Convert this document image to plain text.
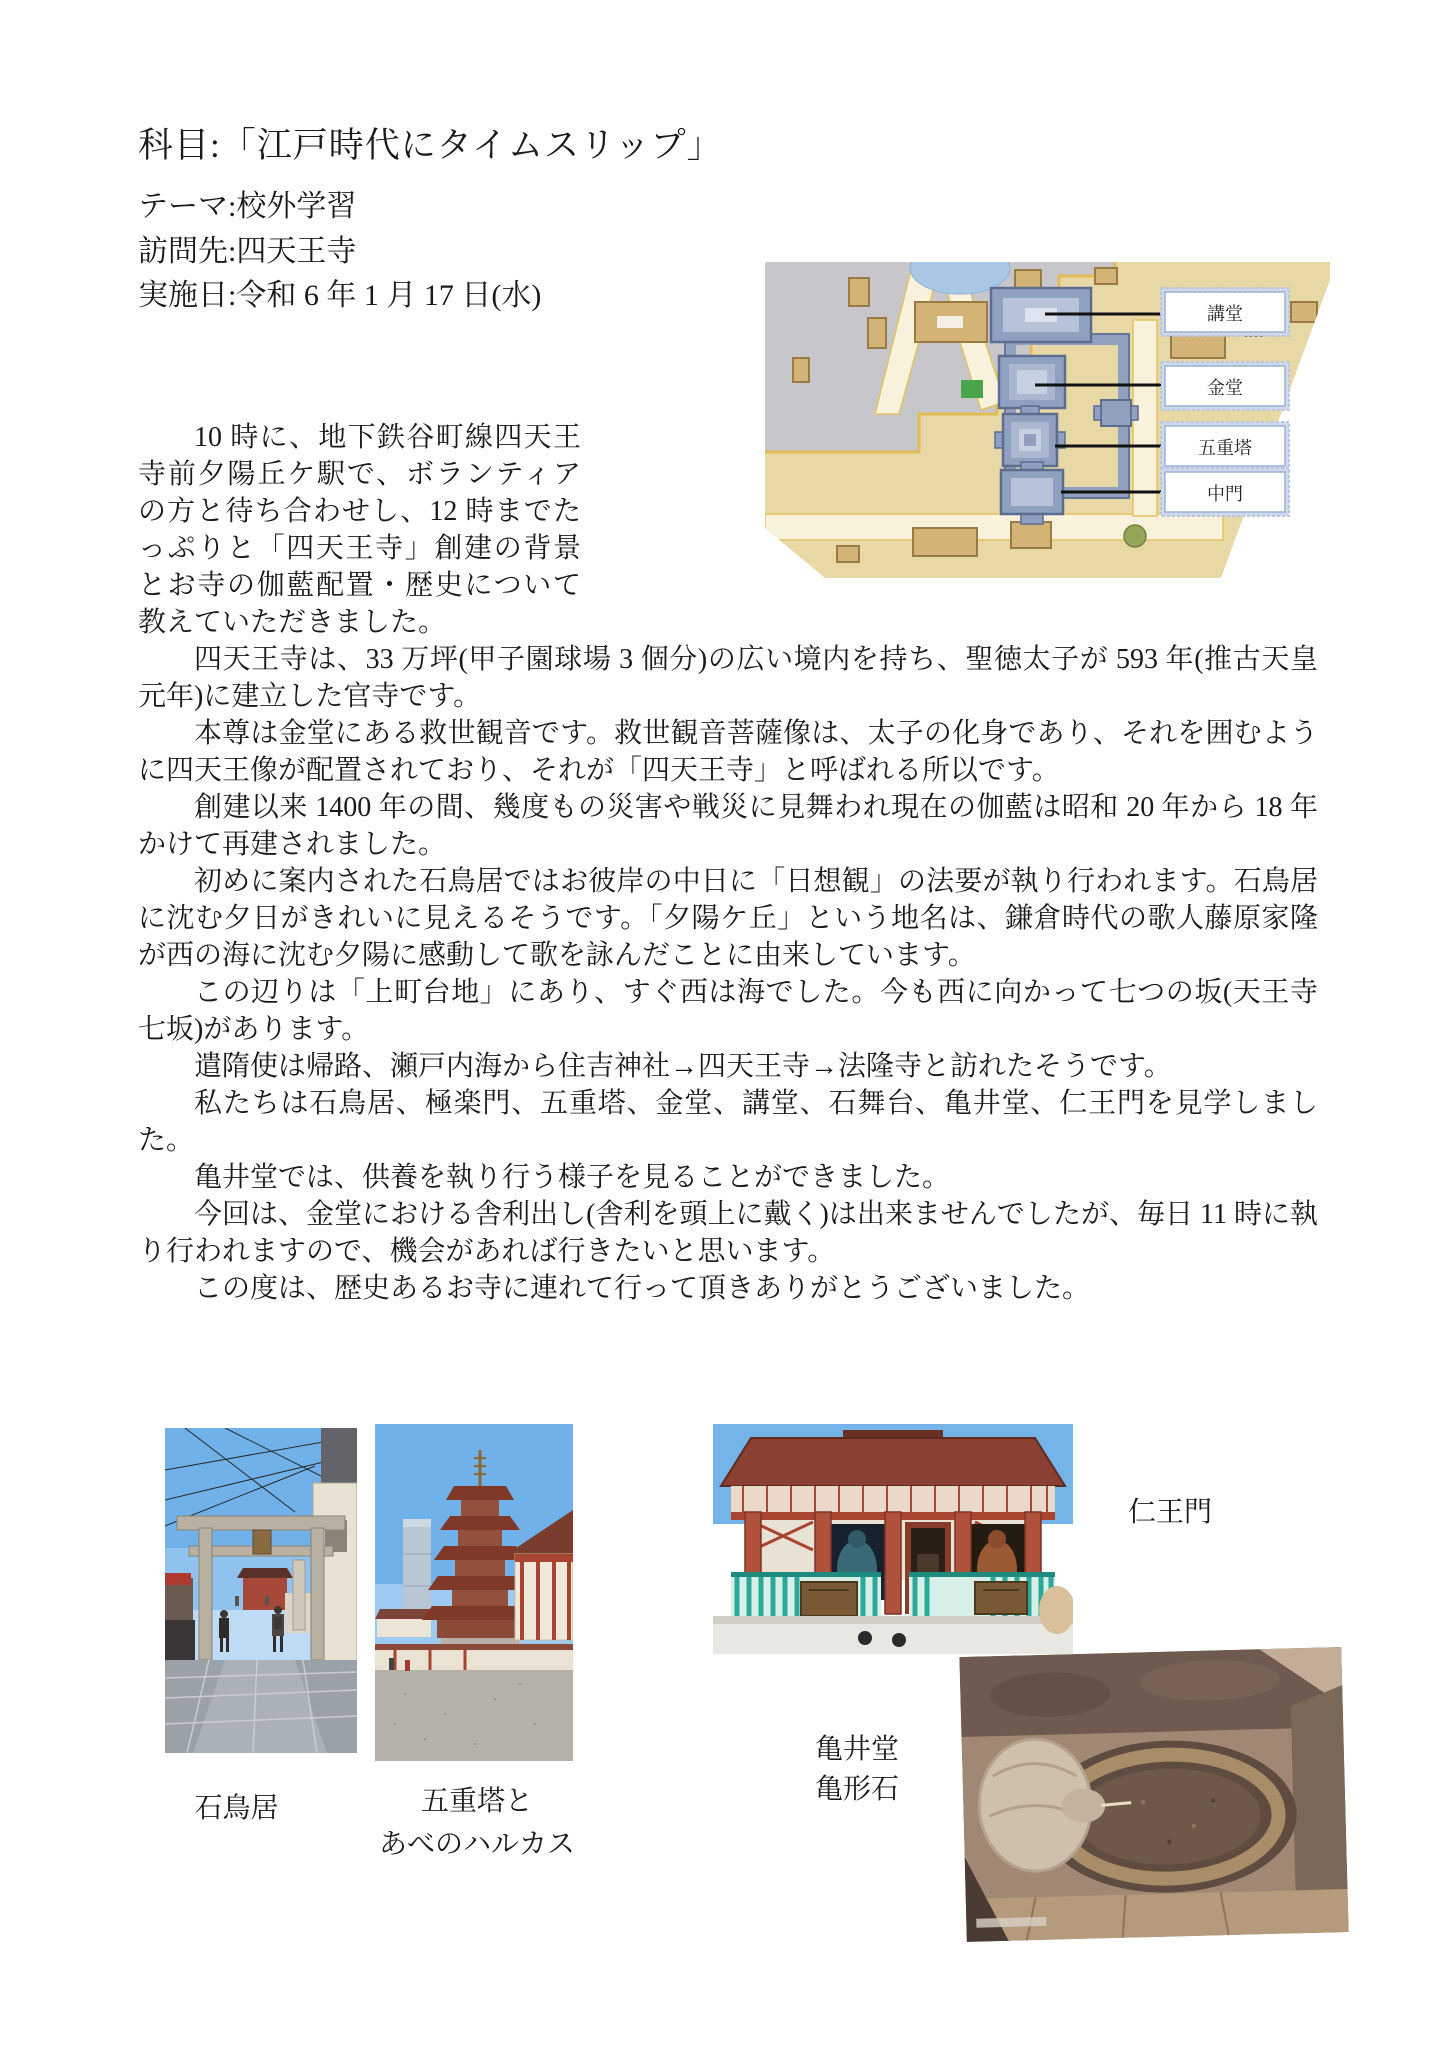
科目:「江戸時代にタイムスリップ」
テーマ:校外学習
訪問先:四天王寺
実施日:令和 6 年 1 月 17 日(水)
講堂
金堂
五重塔
中門

10 時に、地下鉄谷町線四天王寺前夕陽丘ケ駅で、ボランティアの方と待ち合わせし、12 時までたっぷりと「四天王寺」創建の背景とお寺の伽藍配置・歴史について教えていただきました。

四天王寺は、33 万坪(甲子園球場 3 個分)の広い境内を持ち、聖徳太子が 593 年(推古天皇元年)に建立した官寺です。

本尊は金堂にある救世観音です。救世観音菩薩像は、太子の化身であり、それを囲むように四天王像が配置されており、それが「四天王寺」と呼ばれる所以です。

創建以来 1400 年の間、幾度もの災害や戦災に見舞われ現在の伽藍は昭和 20 年から 18 年かけて再建されました。

初めに案内された石鳥居ではお彼岸の中日に「日想観」の法要が執り行われます。石鳥居に沈む夕日がきれいに見えるそうです。「夕陽ケ丘」という地名は、鎌倉時代の歌人藤原家隆が西の海に沈む夕陽に感動して歌を詠んだことに由来しています。

この辺りは「上町台地」にあり、すぐ西は海でした。今も西に向かって七つの坂(天王寺七坂)があります。

遣隋使は帰路、瀬戸内海から住吉神社→四天王寺→法隆寺と訪れたそうです。

私たちは石鳥居、極楽門、五重塔、金堂、講堂、石舞台、亀井堂、仁王門を見学しました。

亀井堂では、供養を執り行う様子を見ることができました。

今回は、金堂における舎利出し(舎利を頭上に戴く)は出来ませんでしたが、毎日 11 時に執り行われますので、機会があれば行きたいと思います。

この度は、歴史あるお寺に連れて行って頂きありがとうございました。

石鳥居	五重塔と
あべのハルカス
仁王門
亀井堂
亀形石
